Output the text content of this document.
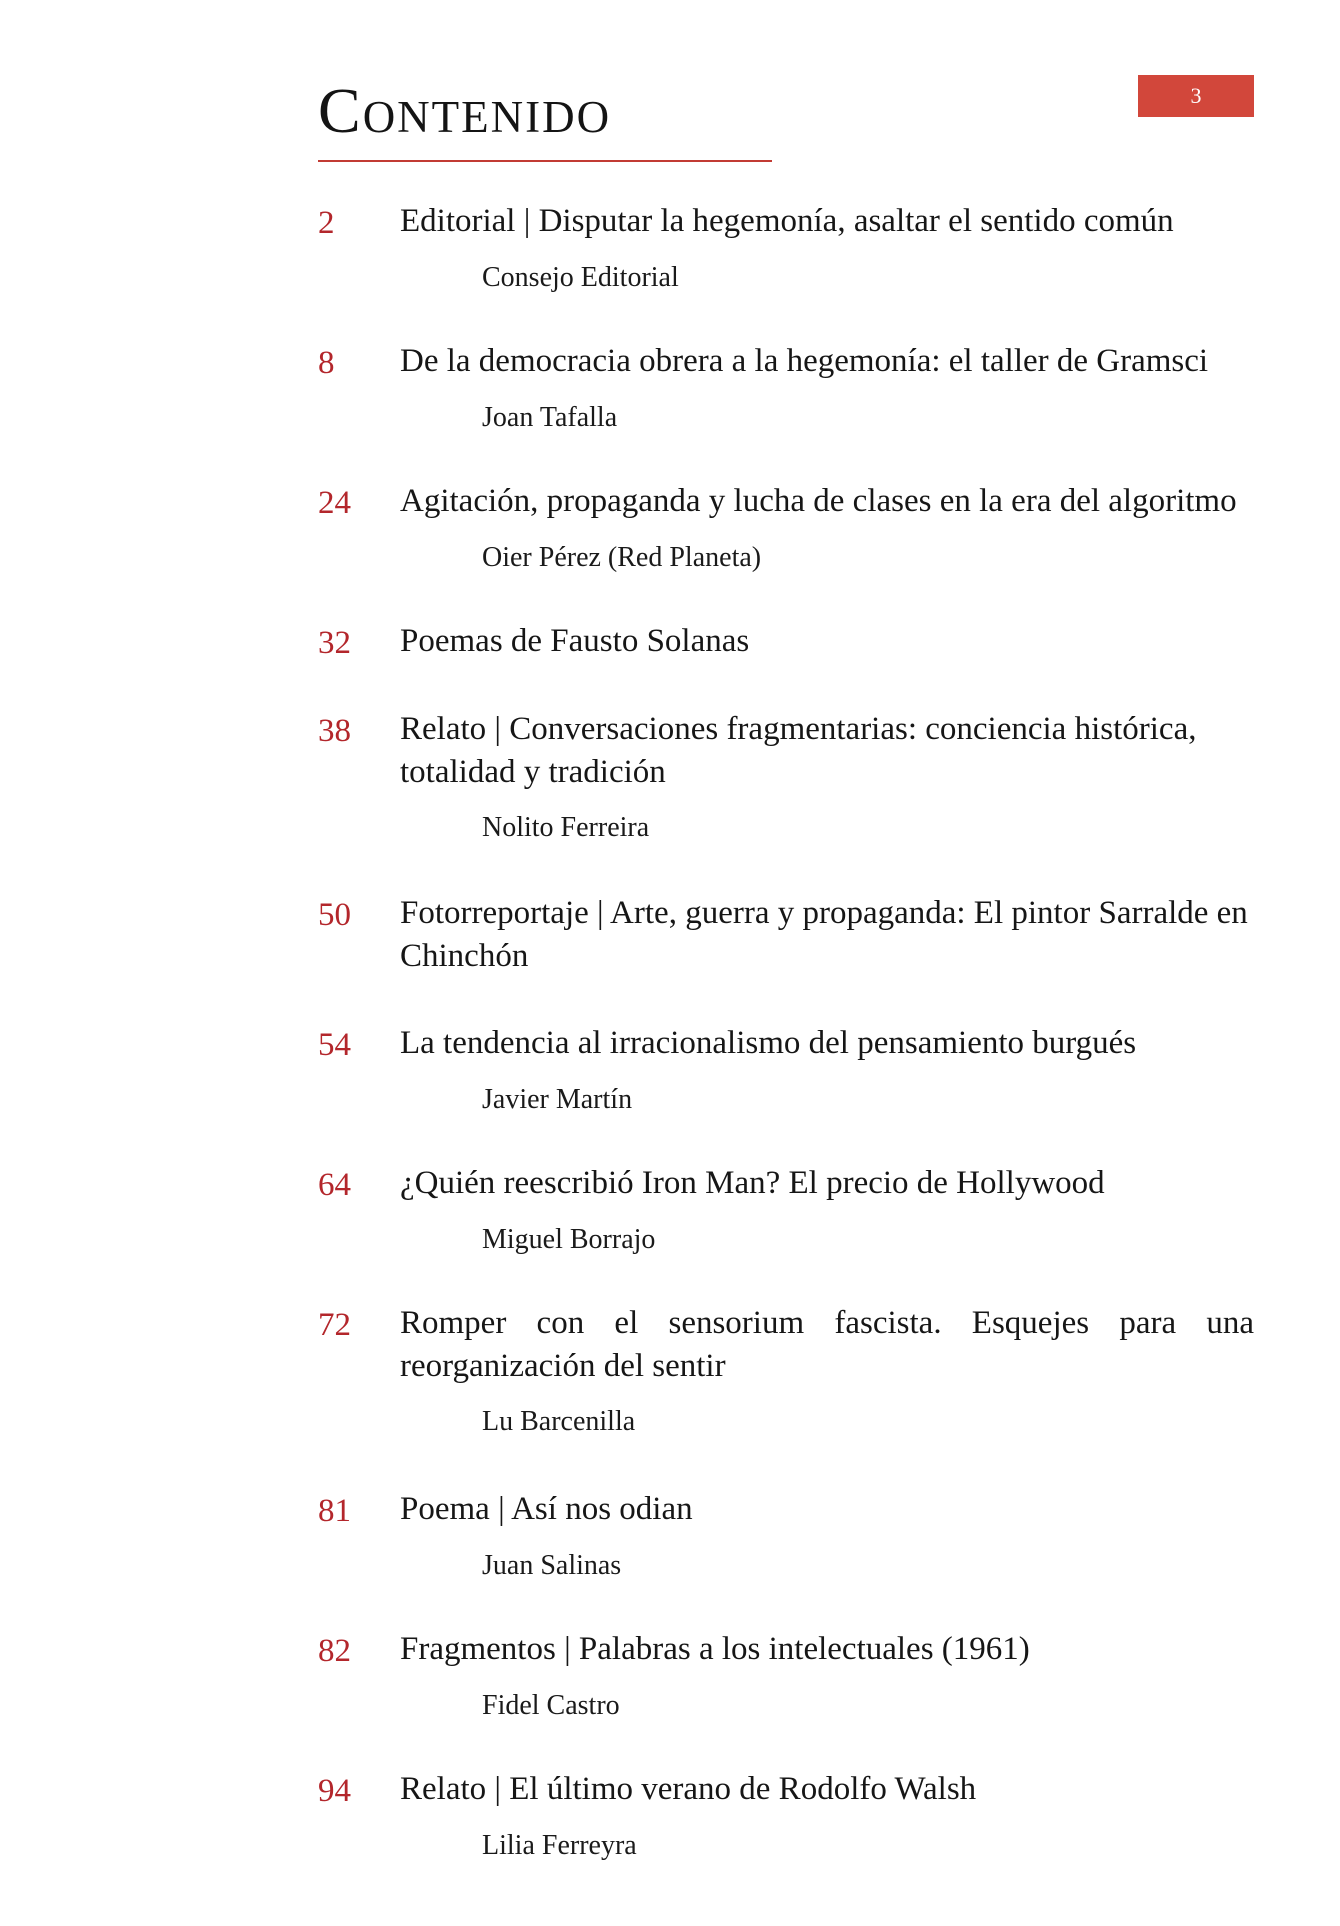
3
Contenido
2	Editorial | Disputar la hegemonía, asaltar el sentido común
Consejo Editorial
8	De la democracia obrera a la hegemonía: el taller de Gramsci
Joan Tafalla
24	Agitación, propaganda y lucha de clases en la era del algoritmo
Oier Pérez (Red Planeta)
32	Poemas de Fausto Solanas
38	Relato | Conversaciones fragmentarias: conciencia histórica, totalidad y tradición
Nolito Ferreira
50	Fotorreportaje | Arte, guerra y propaganda: El pintor Sarralde en Chinchón
54	La tendencia al irracionalismo del pensamiento burgués
Javier Martín
64	¿Quién reescribió Iron Man? El precio de Hollywood
Miguel Borrajo
72	Romper con el sensorium fascista. Esquejes para una reorganización del sentir
Lu Barcenilla
81	Poema | Así nos odian
Juan Salinas
82	Fragmentos | Palabras a los intelectuales (1961)
Fidel Castro
94	Relato | El último verano de Rodolfo Walsh
Lilia Ferreyra
